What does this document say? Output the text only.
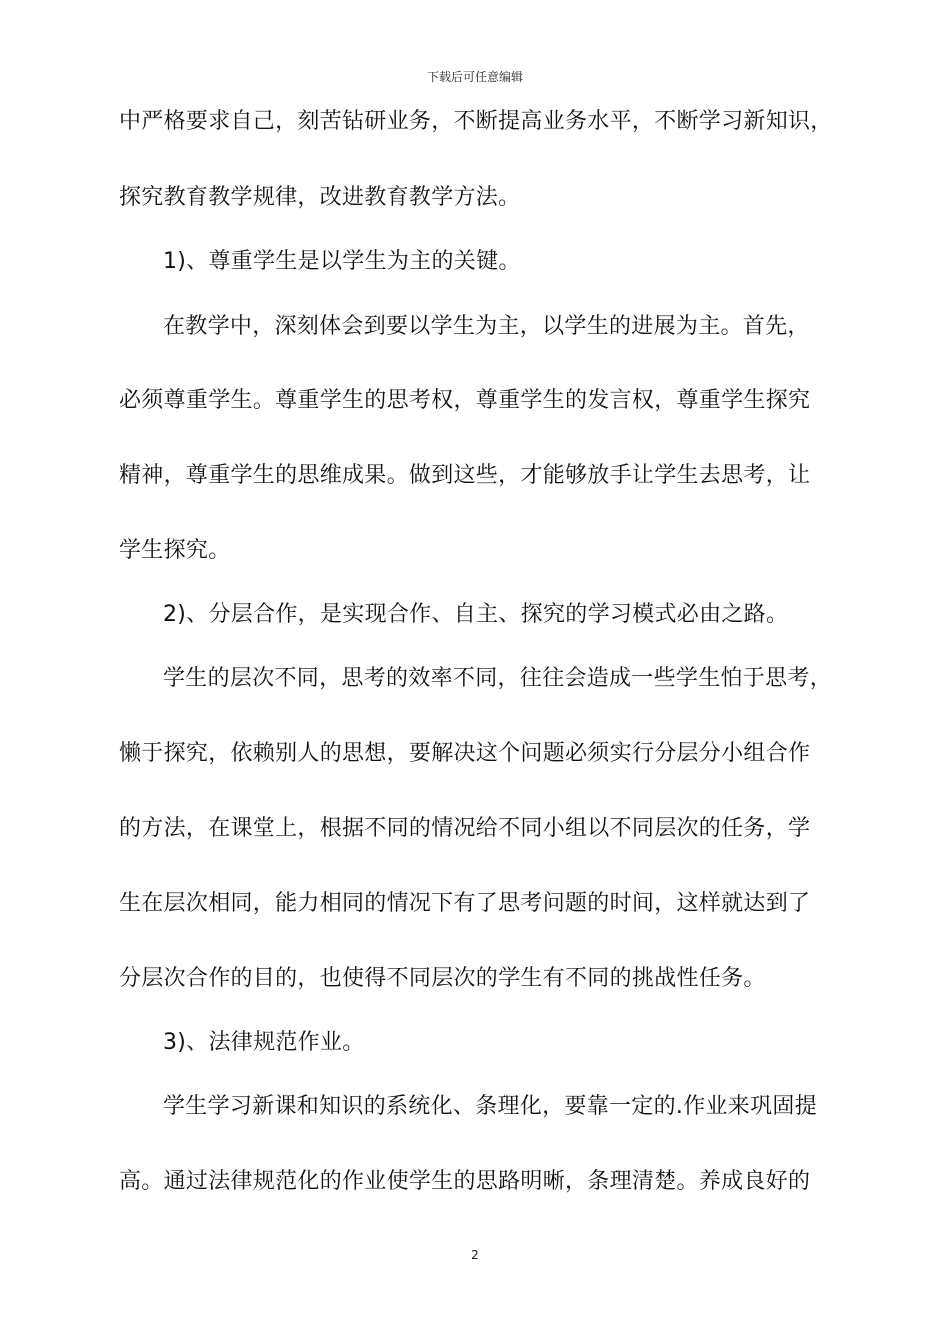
下载后可任意编辑
中严格要求自己，刻苦钻研业务，不断提高业务水平，不断学习新知识，
探究教育教学规律，改进教育教学方法。
1)、尊重学生是以学生为主的关键。
在教学中，深刻体会到要以学生为主，以学生的进展为主。首先，
必须尊重学生。尊重学生的思考权，尊重学生的发言权，尊重学生探究
精神，尊重学生的思维成果。做到这些，才能够放手让学生去思考，让
学生探究。
2)、分层合作，是实现合作、自主、探究的学习模式必由之路。
学生的层次不同，思考的效率不同，往往会造成一些学生怕于思考，
懒于探究，依赖别人的思想，要解决这个问题必须实行分层分小组合作
的方法，在课堂上，根据不同的情况给不同小组以不同层次的任务，学
生在层次相同，能力相同的情况下有了思考问题的时间，这样就达到了
分层次合作的目的，也使得不同层次的学生有不同的挑战性任务。
3)、法律规范作业。
学生学习新课和知识的系统化、条理化，要靠一定的.作业来巩固提
高。通过法律规范化的作业使学生的思路明晰，条理清楚。养成良好的
2
